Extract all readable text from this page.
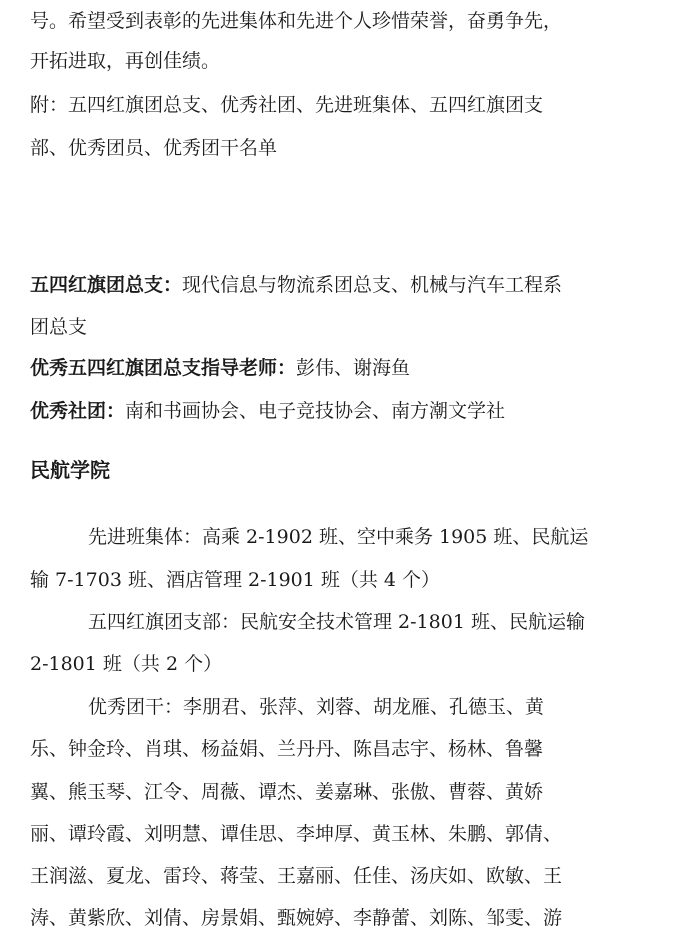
号。希望受到表彰的先进集体和先进个人珍惜荣誉，奋勇争先，
开拓进取，再创佳绩。
附：五四红旗团总支、优秀社团、先进班集体、五四红旗团支
部、优秀团员、优秀团干名单
五四红旗团总支：现代信息与物流系团总支、机械与汽车工程系
团总支
优秀五四红旗团总支指导老师：彭伟、谢海鱼
优秀社团：南和书画协会、电子竞技协会、南方潮文学社
民航学院
先进班集体：高乘 2-1902 班、空中乘务 1905 班、民航运
输 7-1703 班、酒店管理 2-1901 班（共 4 个）
五四红旗团支部：民航安全技术管理 2-1801 班、民航运输
2-1801 班（共 2 个）
优秀团干：李朋君、张萍、刘蓉、胡龙雁、孔德玉、黄
乐、钟金玲、肖琪、杨益娟、兰丹丹、陈昌志宇、杨林、鲁馨
翼、熊玉琴、江令、周薇、谭杰、姜嘉琳、张傲、曹蓉、黄娇
丽、谭玲霞、刘明慧、谭佳思、李坤厚、黄玉林、朱鹏、郭倩、
王润滋、夏龙、雷玲、蒋莹、王嘉丽、任佳、汤庆如、欧敏、王
涛、黄紫欣、刘倩、房景娟、甄婉婷、李静蕾、刘陈、邹雯、游
